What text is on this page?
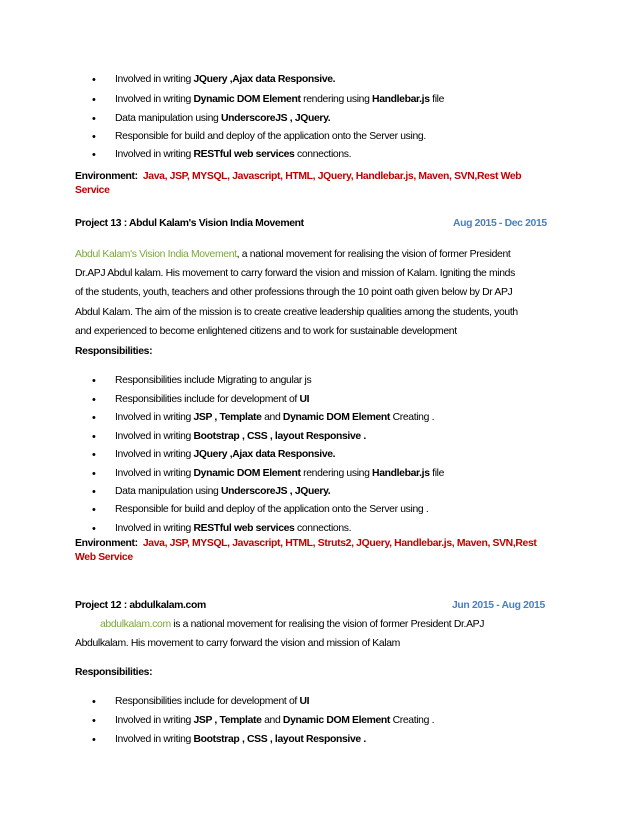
• Involved in writing JQuery ,Ajax data Responsive.
• Involved in writing Dynamic DOM Element rendering using Handlebar.js file
• Data manipulation using UnderscoreJS , JQuery.
• Responsible for build and deploy of the application onto the Server using.
• Involved in writing RESTful web services connections.
Environment: Java, JSP, MYSQL, Javascript, HTML, JQuery, Handlebar.js, Maven, SVN,Rest Web
Service
Project 13 : Abdul Kalam's Vision India Movement	Aug 2015 - Dec 2015
Abdul Kalam's Vision India Movement, a national movement for realising the vision of former President
Dr.APJ Abdul kalam. His movement to carry forward the vision and mission of Kalam. Igniting the minds
of the students, youth, teachers and other professions through the 10 point oath given below by Dr APJ
Abdul Kalam. The aim of the mission is to create creative leadership qualities among the students, youth
and experienced to become enlightened citizens and to work for sustainable development
Responsibilities:
• Responsibilities include Migrating to angular js
• Responsibilities include for development of UI
• Involved in writing JSP , Template and Dynamic DOM Element Creating .
• Involved in writing Bootstrap , CSS , layout Responsive .
• Involved in writing JQuery ,Ajax data Responsive.
• Involved in writing Dynamic DOM Element rendering using Handlebar.js file
• Data manipulation using UnderscoreJS , JQuery.
• Responsible for build and deploy of the application onto the Server using .
• Involved in writing RESTful web services connections.
Environment: Java, JSP, MYSQL, Javascript, HTML, Struts2, JQuery, Handlebar.js, Maven, SVN,Rest
Web Service
Project 12 : abdulkalam.com	Jun 2015 - Aug 2015
abdulkalam.com is a national movement for realising the vision of former President Dr.APJ
Abdulkalam. His movement to carry forward the vision and mission of Kalam
Responsibilities:
• Responsibilities include for development of UI
• Involved in writing JSP , Template and Dynamic DOM Element Creating .
• Involved in writing Bootstrap , CSS , layout Responsive .
